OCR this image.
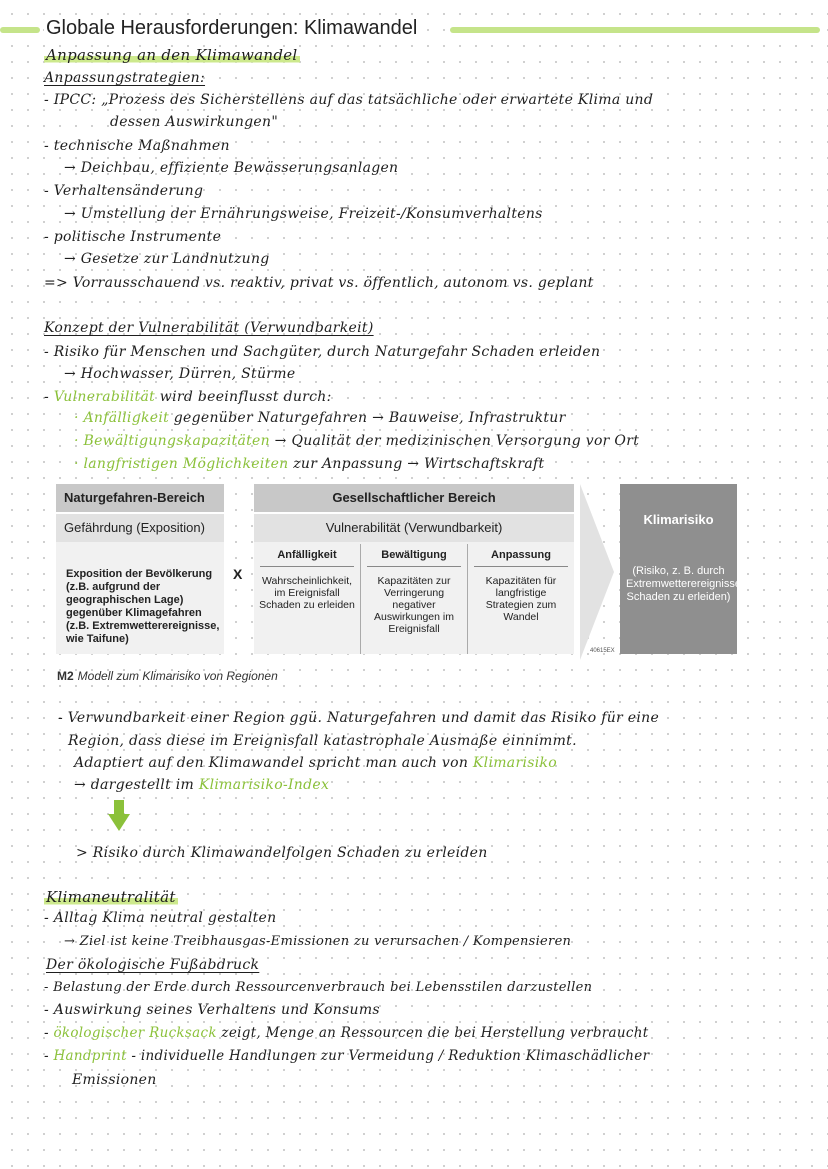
Globale Herausforderungen: Klimawandel
Anpassung an den Klimawandel
Anpassungstrategien:
- IPCC: „Prozess des Sicherstellens auf das tatsächliche oder erwartete Klima und
dessen Auswirkungen"
- technische Maßnahmen
→ Deichbau, effiziente Bewässerungsanlagen
- Verhaltensänderung
→ Umstellung der Ernährungsweise, Freizeit-/Konsumverhaltens
- politische Instrumente
→ Gesetze zur Landnutzung
=> Vorrausschauend vs. reaktiv, privat vs. öffentlich, autonom vs. geplant
Konzept der Vulnerabilität (Verwundbarkeit)
- Risiko für Menschen und Sachgüter, durch Naturgefahr Schaden erleiden
→ Hochwasser, Dürren, Stürme
- Vulnerabilität wird beeinflusst durch:
· Anfälligkeit gegenüber Naturgefahren → Bauweise, Infrastruktur
· Bewältigungskapazitäten → Qualität der medizinischen Versorgung vor Ort
· langfristigen Möglichkeiten zur Anpassung → Wirtschaftskraft
Naturgefahren-Bereich
Gefährdung (Exposition)
Exposition der Bevölkerung (z.B. aufgrund der geographischen Lage) gegenüber Klimagefahren (z.B. Extremwetterereignisse, wie Taifune)
X
Gesellschaftlicher Bereich
Vulnerabilität (Verwundbarkeit)
Anfälligkeit
Wahrscheinlichkeit, im Ereignisfall Schaden zu erleiden
Bewältigung
Kapazitäten zur Verringerung negativer Auswirkungen im Ereignisfall
Anpassung
Kapazitäten für langfristige Strategien zum Wandel
Klimarisiko
(Risiko, z. B. durch Extremwetterereignisse, Schaden zu erleiden)
40615EX
M2 Modell zum Klimarisiko von Regionen
- Verwundbarkeit einer Region ggü. Naturgefahren und damit das Risiko für eine
Region, dass diese im Ereignisfall katastrophale Ausmaße einnimmt.
Adaptiert auf den Klimawandel spricht man auch von Klimarisiko
→ dargestellt im Klimarisiko-Index
> Risiko durch Klimawandelfolgen Schaden zu erleiden
Klimaneutralität
- Alltag Klima neutral gestalten
→ Ziel ist keine Treibhausgas-Emissionen zu verursachen / Kompensieren
Der ökologische Fußabdruck
- Belastung der Erde durch Ressourcenverbrauch bei Lebensstilen darzustellen
- Auswirkung seines Verhaltens und Konsums
- ökologischer Rucksack zeigt, Menge an Ressourcen die bei Herstellung verbraucht
- Handprint - individuelle Handlungen zur Vermeidung / Reduktion Klimaschädlicher
Emissionen
